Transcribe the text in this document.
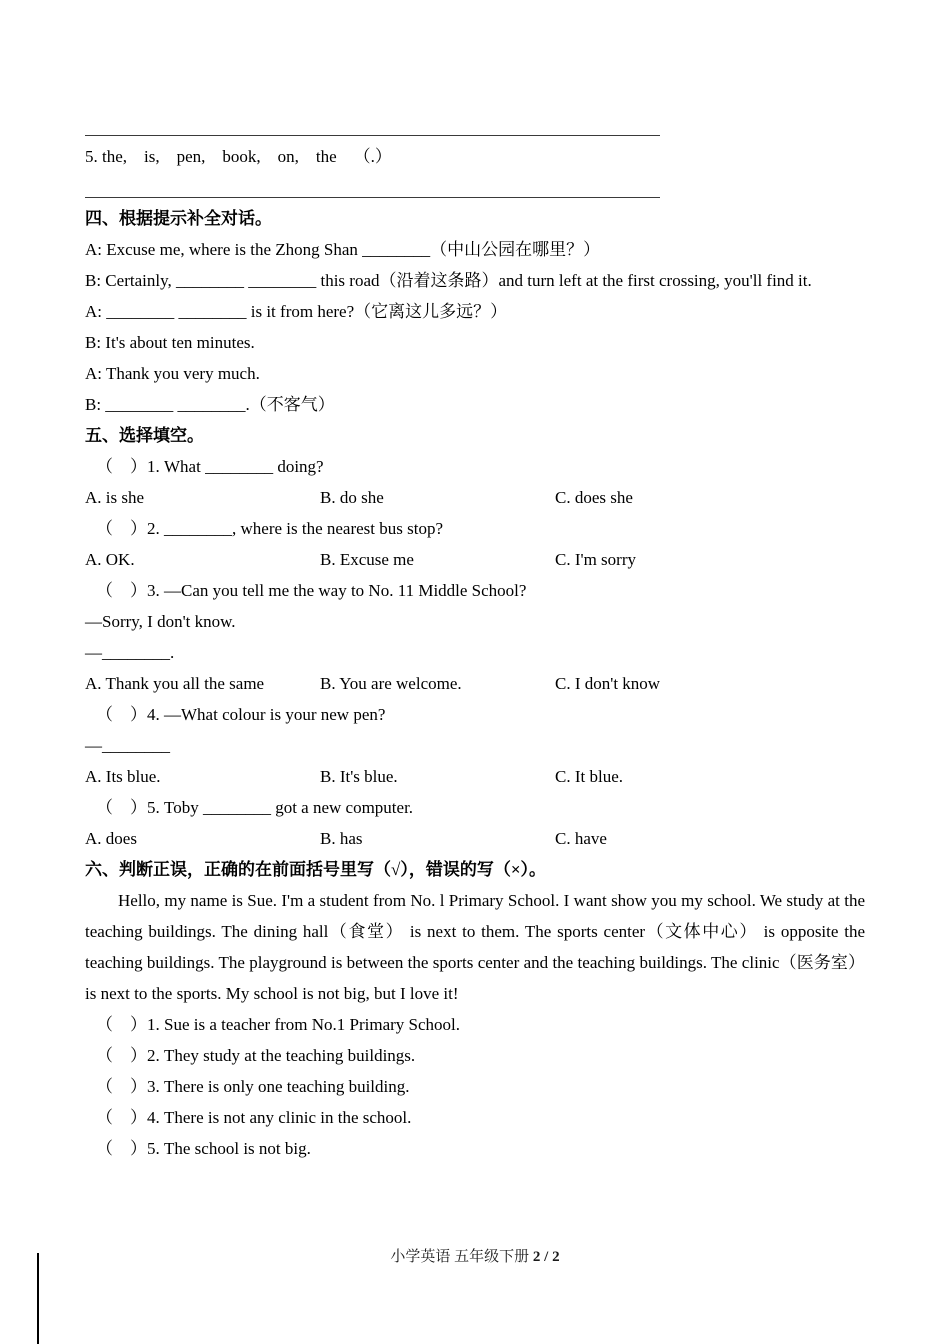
5. the,    is,    pen,    book,    on,    the    （.）
四、根据提示补全对话。
A: Excuse me, where is the Zhong Shan ________（中山公园在哪里？）
B: Certainly, ________ ________ this road（沿着这条路）and turn left at the first crossing, you'll find it.
A: ________ ________ is it from here?（它离这儿多远？）
B: It's about ten minutes.
A: Thank you very much.
B: ________ ________.（不客气）
五、选择填空。
（　）1. What ________ doing?
A. is she	B. do she	C. does she
（　）2. ________, where is the nearest bus stop?
A. OK.	B. Excuse me	C. I'm sorry
（　）3. —Can you tell me the way to No. 11 Middle School?
—Sorry, I don't know.
—________.
A. Thank you all the same	B. You are welcome.	C. I don't know
（　）4. —What colour is your new pen?
—________
A. Its blue.	B. It's blue.	C. It blue.
（　）5. Toby ________ got a new computer.
A. does	B. has	C. have
六、判断正误，正确的在前面括号里写（√），错误的写（×）。
Hello, my name is Sue. I'm a student from No. l Primary School. I want show you my school. We study at the teaching buildings. The dining hall（食堂） is next to them. The sports center（文体中心） is opposite the teaching buildings. The playground is between the sports center and the teaching buildings. The clinic（医务室） is next to the sports. My school is not big, but I love it!
（　）1. Sue is a teacher from No.1 Primary School.
（　）2. They study at the teaching buildings.
（　）3. There is only one teaching building.
（　）4. There is not any clinic in the school.
（　）5. The school is not big.
小学英语 五年级下册 2 / 2
